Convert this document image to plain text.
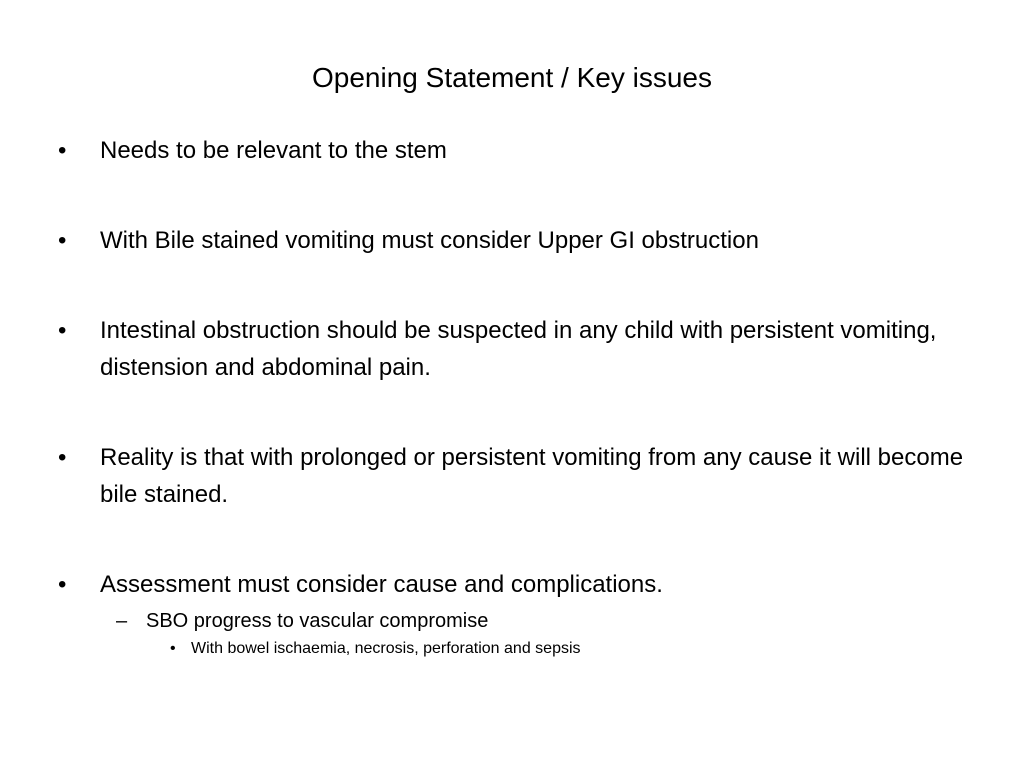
Opening Statement / Key issues
•	Needs to be relevant to the stem
•	With Bile stained vomiting must consider Upper GI obstruction
•	Intestinal obstruction should be suspected in any child with persistent vomiting, distension and abdominal pain.
•	Reality is that with prolonged or persistent vomiting from any cause it will become bile stained.
•	Assessment must consider cause and complications.
– SBO progress to vascular compromise
• With bowel ischaemia, necrosis, perforation and sepsis
